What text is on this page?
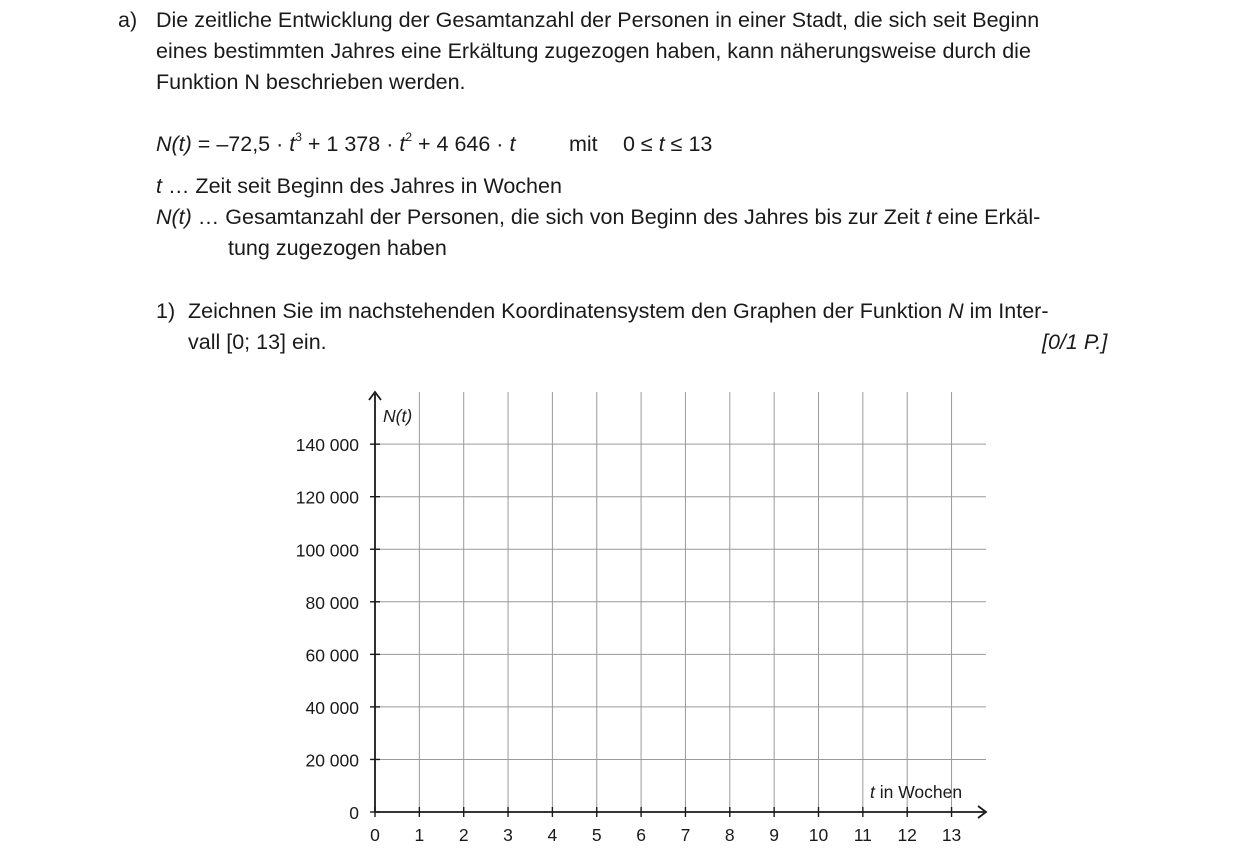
a) Die zeitliche Entwicklung der Gesamtanzahl der Personen in einer Stadt, die sich seit Beginn
eines bestimmten Jahres eine Erkältung zugezogen haben, kann näherungsweise durch die
Funktion N beschrieben werden.
$N(t) = -72,5 \cdot t^3 + 1$ $378 \cdot t^2 + 4$ 646 · t mit 0 ≤ t ≤ 13
t … Zeit seit Beginn des Jahres in Wochen
N(t) … Gesamtanzahl der Personen, die sich von Beginn des Jahres bis zur Zeit t eine Erkäl-
tung zugezogen haben
1) Zeichnen Sie im nachstehenden Koordinatensystem den Graphen der Funktion N im Inter-
vall [0; 13] ein.	[0/1 P.]
0 1 2 3 4 5 6 7 8 9 10 11 12 13
0
20 000
40 000
60 000
80 000
100 000
120 000
140 000
N(t)
t in Wochen
